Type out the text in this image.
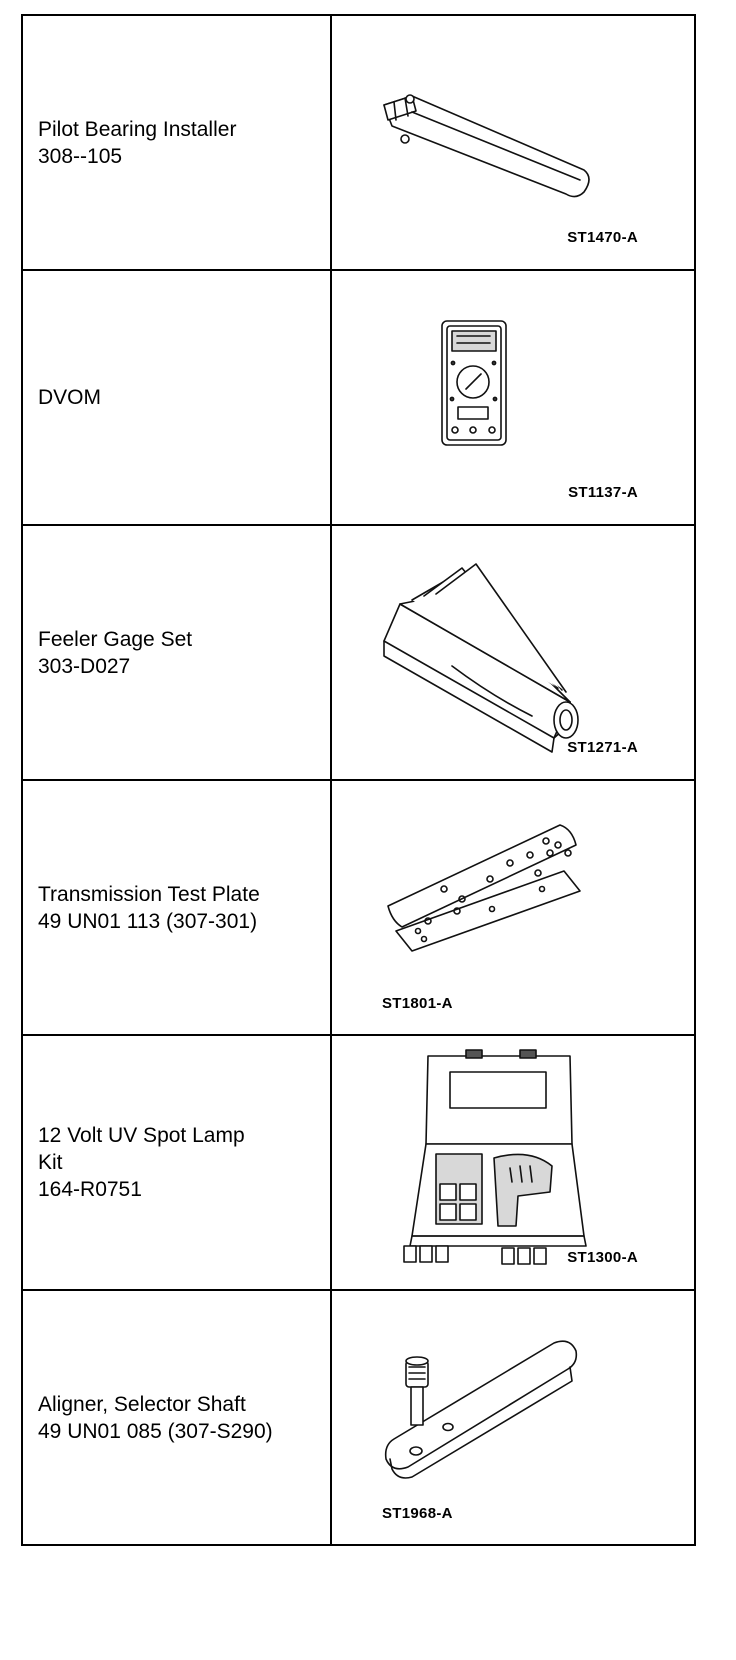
Pilot Bearing Installer
308--105	ST1470-A

DVOM	ST1137-A

Feeler Gage Set
303-D027	ST1271-A

Transmission Test Plate
49 UN01 113 (307-301)	ST1801-A

12 Volt UV Spot Lamp
Kit
164-R0751	ST1300-A

Aligner, Selector Shaft
49 UN01 085 (307-S290)	ST1968-A
